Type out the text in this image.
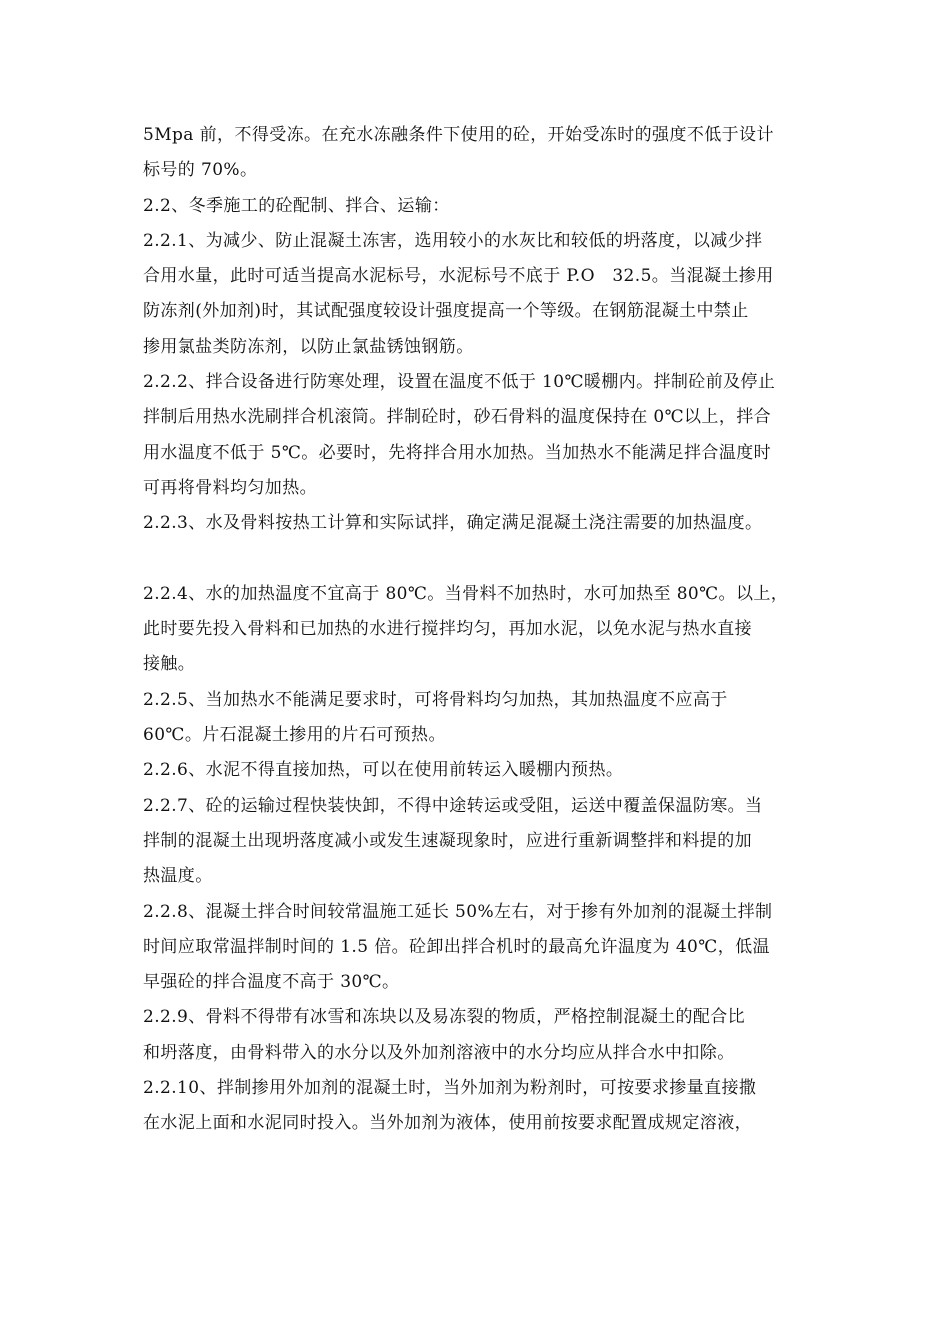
5Mpa 前，不得受冻。在充水冻融条件下使用的砼，开始受冻时的强度不低于设计
标号的 70%。
2.2、冬季施工的砼配制、拌合、运输：
2.2.1、为减少、防止混凝土冻害，选用较小的水灰比和较低的坍落度，以减少拌
合用水量，此时可适当提高水泥标号，水泥标号不底于 P.O　32.5。当混凝土掺用
防冻剂(外加剂)时，其试配强度较设计强度提高一个等级。在钢筋混凝土中禁止
掺用氯盐类防冻剂，以防止氯盐锈蚀钢筋。
2.2.2、拌合设备进行防寒处理，设置在温度不低于 10℃暖棚内。拌制砼前及停止
拌制后用热水洗刷拌合机滚筒。拌制砼时，砂石骨料的温度保持在 0℃以上，拌合
用水温度不低于 5℃。必要时，先将拌合用水加热。当加热水不能满足拌合温度时
可再将骨料均匀加热。
2.2.3、水及骨料按热工计算和实际试拌，确定满足混凝土浇注需要的加热温度。
2.2.4、水的加热温度不宜高于 80℃。当骨料不加热时，水可加热至 80℃。以上，
此时要先投入骨料和已加热的水进行搅拌均匀，再加水泥，以免水泥与热水直接
接触。
2.2.5、当加热水不能满足要求时，可将骨料均匀加热，其加热温度不应高于
60℃。片石混凝土掺用的片石可预热。
2.2.6、水泥不得直接加热，可以在使用前转运入暖棚内预热。
2.2.7、砼的运输过程快装快卸，不得中途转运或受阻，运送中覆盖保温防寒。当
拌制的混凝土出现坍落度减小或发生速凝现象时，应进行重新调整拌和料提的加
热温度。
2.2.8、混凝土拌合时间较常温施工延长 50%左右，对于掺有外加剂的混凝土拌制
时间应取常温拌制时间的 1.5 倍。砼卸出拌合机时的最高允许温度为 40℃，低温
早强砼的拌合温度不高于 30℃。
2.2.9、骨料不得带有冰雪和冻块以及易冻裂的物质，严格控制混凝土的配合比
和坍落度，由骨料带入的水分以及外加剂溶液中的水分均应从拌合水中扣除。
2.2.10、拌制掺用外加剂的混凝土时，当外加剂为粉剂时，可按要求掺量直接撒
在水泥上面和水泥同时投入。当外加剂为液体，使用前按要求配置成规定溶液，
